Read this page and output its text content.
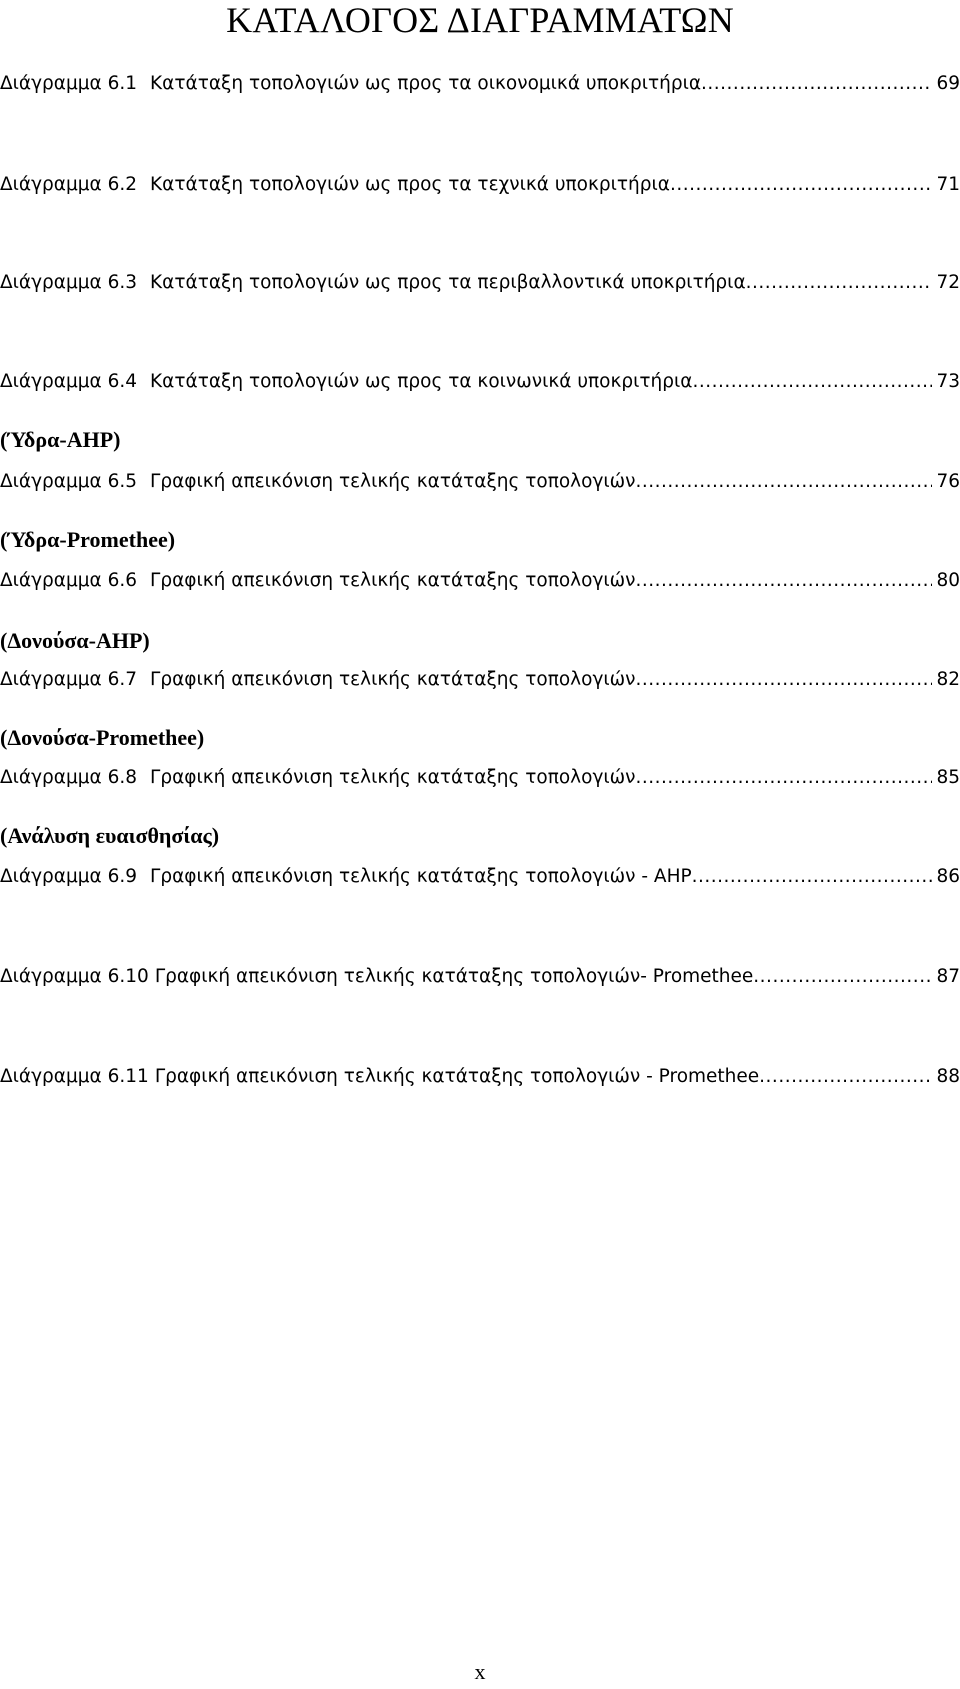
ΚΑΤΑΛΟΓΟΣ ΔΙΑΓΡΑΜΜΑΤΩΝ
Διάγραμμα 6.1 Κατάταξη τοπολογιών ως προς τα οικονομικά υποκριτήρια .....	69
Διάγραμμα 6.2 Κατάταξη τοπολογιών ως προς τα τεχνικά υποκριτήρια .....	71
Διάγραμμα 6.3 Κατάταξη τοπολογιών ως προς τα περιβαλλοντικά υποκριτήρια .....	72
Διάγραμμα 6.4 Κατάταξη τοπολογιών ως προς τα κοινωνικά υποκριτήρια .....	73
(Ύδρα-AHP)
Διάγραμμα 6.5 Γραφική απεικόνιση τελικής κατάταξης τοπολογιών .....	76
(Ύδρα-Promethee)
Διάγραμμα 6.6 Γραφική απεικόνιση τελικής κατάταξης τοπολογιών .....	80
(Δονούσα-AHP)
Διάγραμμα 6.7 Γραφική απεικόνιση τελικής κατάταξης τοπολογιών .....	82
(Δονούσα-Promethee)
Διάγραμμα 6.8 Γραφική απεικόνιση τελικής κατάταξης τοπολογιών .....	85
(Ανάλυση ευαισθησίας)
Διάγραμμα 6.9 Γραφική απεικόνιση τελικής κατάταξης τοπολογιών - AHP .....	86
Διάγραμμα 6.10 Γραφική απεικόνιση τελικής κατάταξης τοπολογιών- Promethee .....	87
Διάγραμμα 6.11 Γραφική απεικόνιση τελικής κατάταξης τοπολογιών - Promethee .....	88
x
